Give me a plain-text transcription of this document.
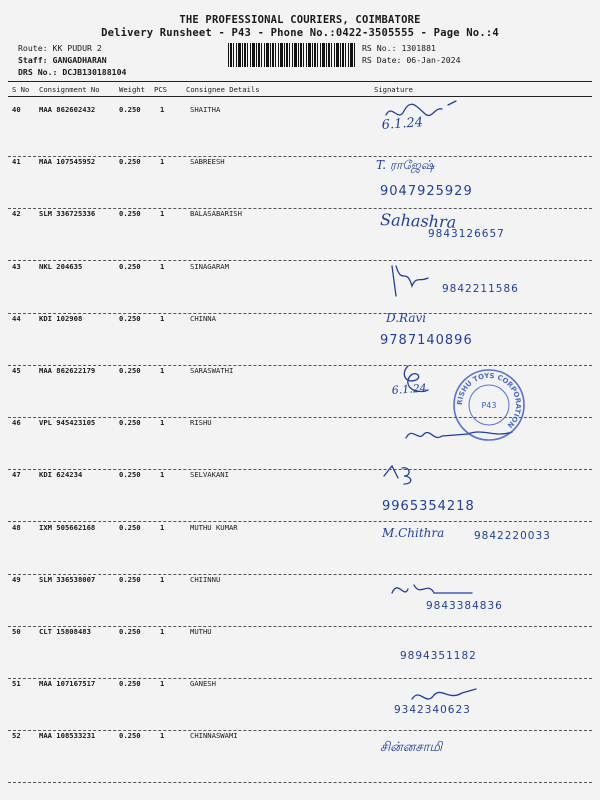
THE PROFESSIONAL COURIERS, COIMBATORE
Delivery Runsheet - P43 - Phone No.:0422-3505555 - Page No.:4
Route: KK PUDUR 2
Staff: GANGADHARAN
DRS No.: DCJB130188104
RS No.: 1301881
RS Date: 06-Jan-2024
S No Consignment No	Weight PCS	Consignee Details	Signature
40	MAA 862602432	0.250	1	SHAITHA
6.1.24
41	MAA 107545952	0.250	1	SABREESH	T. ராஜேஷ்
9047925929
42	SLM 336725336	0.250	1	BALASABARISH	Sahashra
9843126657
43	NKL 204635	0.250	1	SINAGARAM
9842211586
44	KDI 102908	0.250	1	CHINNA	D.Ravi
9787140896
45	MAA 862622179	0.250	1	SARASWATHI
6.1.24
46	VPL 945423105	0.250	1	RISHU
47	KDI 624234	0.250	1	SELVAKANI
9965354218
48	IXM 505662168	0.250	1	MUTHU KUMAR	M.Chithra	9842220033
49	SLM 336538007	0.250	1	CHIINNU
9843384836
50	CLT 15808483	0.250	1	MUTHU
9894351182
51	MAA 107167517	0.250	1	GANESH
9342340623
52	MAA 108533231	0.250	1	CHINNASWAMI
சின்னசாமி
RISHU TOYS CORPORATION
P43
